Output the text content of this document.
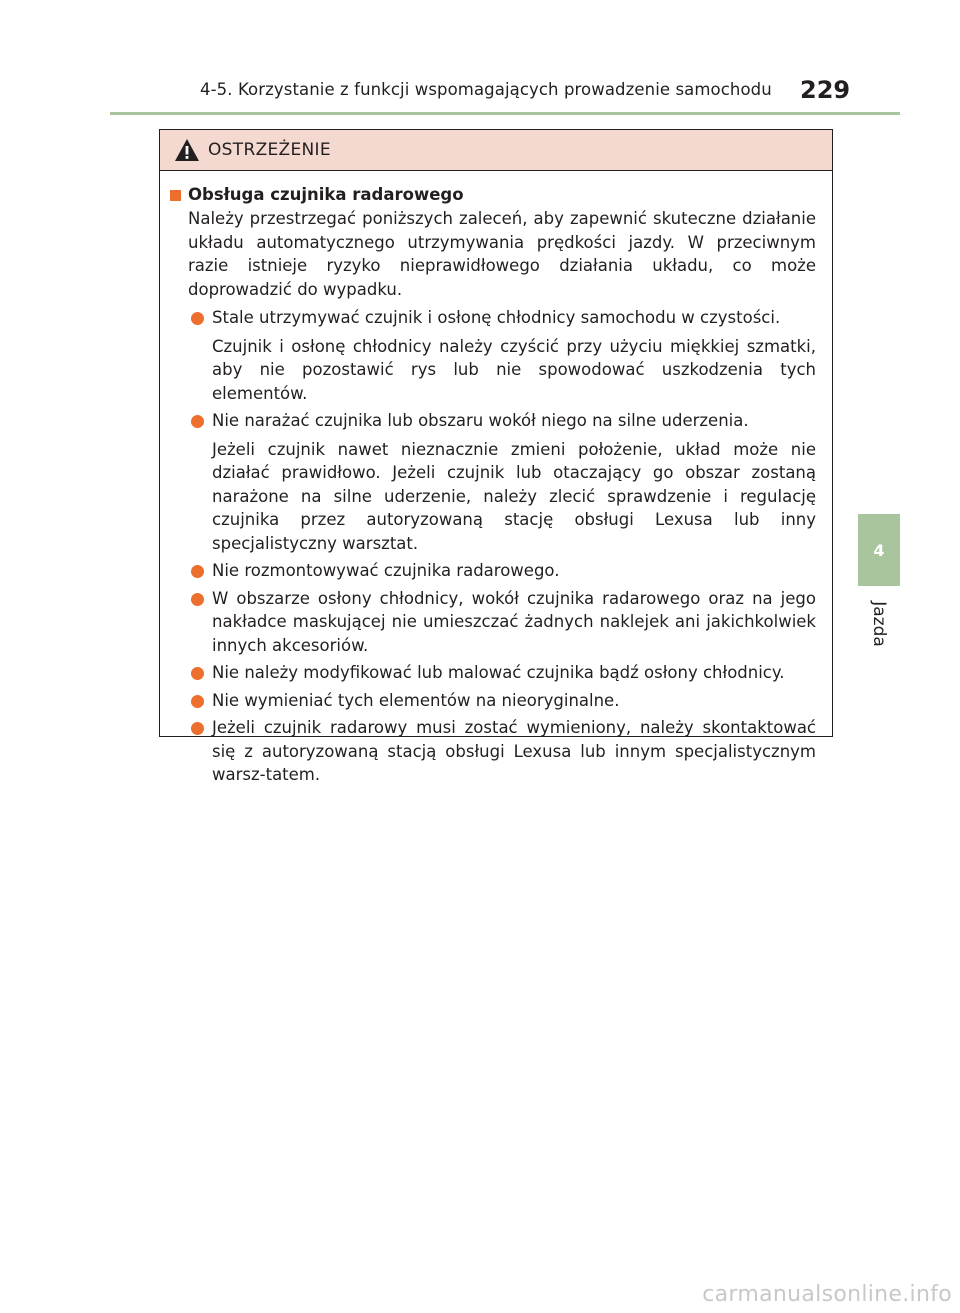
4-5. Korzystanie z funkcji wspomagających prowadzenie samochodu 229
4
Jazda
OSTRZEŻENIE
Obsługa czujnika radarowego

Należy przestrzegać poniższych zaleceń, aby zapewnić skuteczne działanie układu automatycznego utrzymywania prędkości jazdy. W przeciwnym razie istnieje ryzyko nieprawidłowego działania układu, co może doprowadzić do wypadku.

Stale utrzymywać czujnik i osłonę chłodnicy samochodu w czystości.
Czujnik i osłonę chłodnicy należy czyścić przy użyciu miękkiej szmatki, aby nie pozostawić rys lub nie spowodować uszkodzenia tych elementów.
Nie narażać czujnika lub obszaru wokół niego na silne uderzenia.
Jeżeli czujnik nawet nieznacznie zmieni położenie, układ może nie działać prawidłowo. Jeżeli czujnik lub otaczający go obszar zostaną narażone na silne uderzenie, należy zlecić sprawdzenie i regulację czujnika przez autoryzowaną stację obsługi Lexusa lub inny specjalistyczny warsztat.
Nie rozmontowywać czujnika radarowego.
W obszarze osłony chłodnicy, wokół czujnika radarowego oraz na jego nakładce maskującej nie umieszczać żadnych naklejek ani jakichkolwiek innych akcesoriów.
Nie należy modyfikować lub malować czujnika bądź osłony chłodnicy.
Nie wymieniać tych elementów na nieoryginalne.
Jeżeli czujnik radarowy musi zostać wymieniony, należy skontaktować się z autoryzowaną stacją obsługi Lexusa lub innym specjalistycznym warsz-tatem.
carmanualsonline.info
